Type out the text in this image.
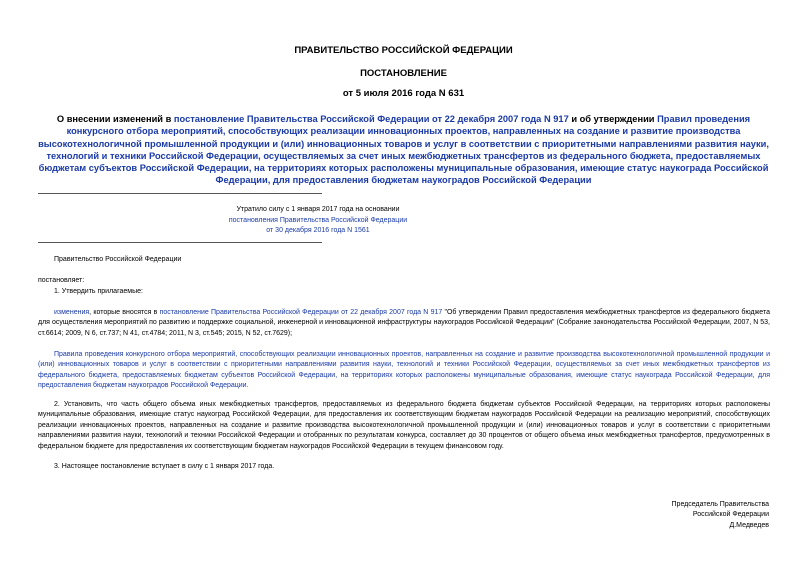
ПРАВИТЕЛЬСТВО РОССИЙСКОЙ ФЕДЕРАЦИИ
ПОСТАНОВЛЕНИЕ
от 5 июля 2016 года N 631
О внесении изменений в постановление Правительства Российской Федерации от 22 декабря 2007 года N 917 и об утверждении Правил проведения конкурсного отбора мероприятий, способствующих реализации инновационных проектов, направленных на создание и развитие производства высокотехнологичной промышленной продукции и (или) инновационных товаров и услуг в соответствии с приоритетными направлениями развития науки, технологий и техники Российской Федерации, осуществляемых за счет иных межбюджетных трансфертов из федерального бюджета, предоставляемых бюджетам субъектов Российской Федерации, на территориях которых расположены муниципальные образования, имеющие статус наукограда Российской Федерации, для предоставления бюджетам наукоградов Российской Федерации
Утратило силу с 1 января 2017 года на основании
постановления Правительства Российской Федерации
от 30 декабря 2016 года N 1561
Правительство Российской Федерации
постановляет:
1. Утвердить прилагаемые:
изменения, которые вносятся в постановление Правительства Российской Федерации от 22 декабря 2007 года N 917 "Об утверждении Правил предоставления межбюджетных трансфертов из федерального бюджета для осуществления мероприятий по развитию и поддержке социальной, инженерной и инновационной инфраструктуры наукоградов Российской Федерации" (Собрание законодательства Российской Федерации, 2007, N 53, ст.6614; 2009, N 6, ст.737; N 41, ст.4784; 2011, N 3, ст.545; 2015, N 52, ст.7629);
Правила проведения конкурсного отбора мероприятий, способствующих реализации инновационных проектов, направленных на создание и развитие производства высокотехнологичной промышленной продукции и (или) инновационных товаров и услуг в соответствии с приоритетными направлениями развития науки, технологий и техники Российской Федерации, осуществляемых за счет иных межбюджетных трансфертов из федерального бюджета, предоставляемых бюджетам субъектов Российской Федерации, на территориях которых расположены муниципальные образования, имеющие статус наукограда Российской Федерации, для предоставления бюджетам наукоградов Российской Федерации.
2. Установить, что часть общего объема иных межбюджетных трансфертов, предоставляемых из федерального бюджета бюджетам субъектов Российской Федерации, на территориях которых расположены муниципальные образования, имеющие статус наукоград Российской Федерации, для предоставления их соответствующим бюджетам наукоградов Российской Федерации на реализацию мероприятий, способствующих реализации инновационных проектов, направленных на создание и развитие производства высокотехнологичной промышленной продукции и (или) инновационных товаров и услуг в соответствии с приоритетными направлениями развития науки, технологий и техники Российской Федерации и отобранных по результатам конкурса, составляет до 30 процентов от общего объема иных межбюджетных трансфертов, предусмотренных в федеральном бюджете для предоставления их соответствующим бюджетам наукоградов Российской Федерации в текущем финансовом году.
3. Настоящее постановление вступает в силу с 1 января 2017 года.
Председатель Правительства
Российской Федерации
Д.Медведев
